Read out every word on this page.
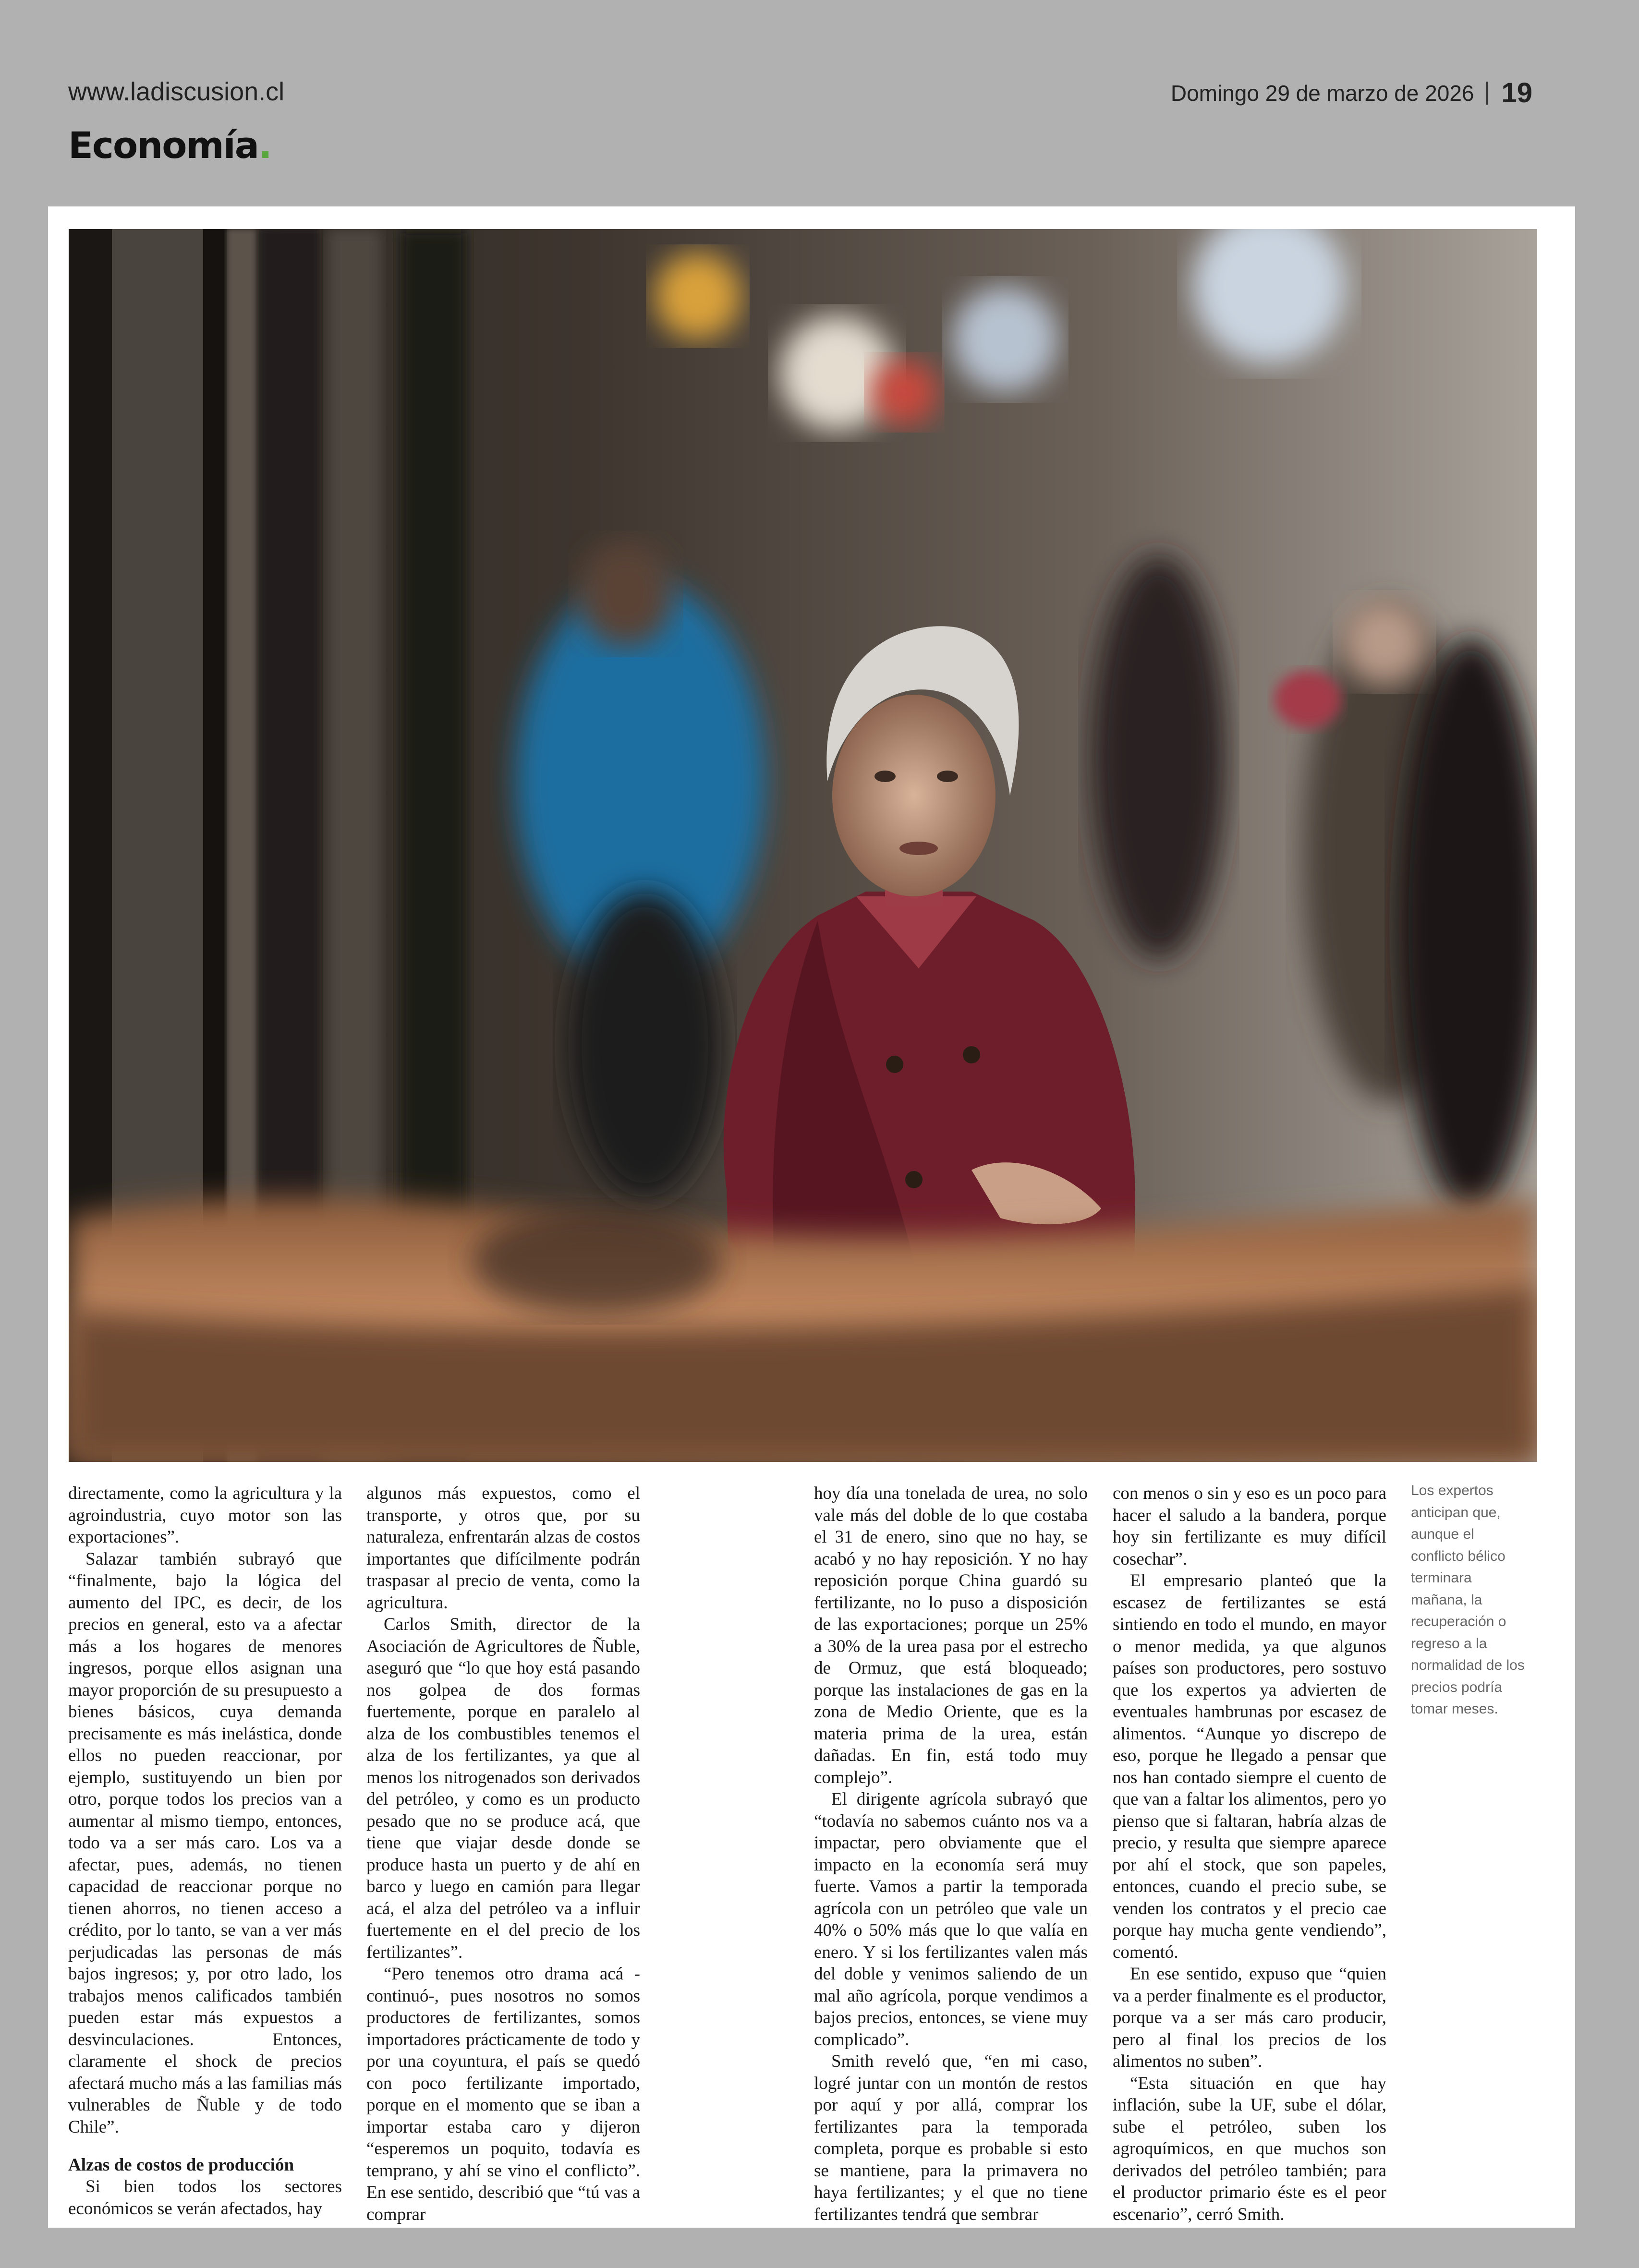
www.ladiscusion.cl	Domingo 29 de marzo de 2026 19
Economía.

directamente, como la agricultura y la agroindustria, cuyo motor son las exportaciones”.

Salazar también subrayó que “finalmente, bajo la lógica del aumento del IPC, es decir, de los precios en general, esto va a afectar más a los hogares de menores ingresos, porque ellos asignan una mayor proporción de su presupuesto a bienes básicos, cuya demanda precisamente es más inelástica, donde ellos no pueden reaccionar, por ejemplo, sustituyendo un bien por otro, porque todos los precios van a aumentar al mismo tiempo, entonces, todo va a ser más caro. Los va a afectar, pues, además, no tienen capacidad de reaccionar porque no tienen ahorros, no tienen acceso a crédito, por lo tanto, se van a ver más perjudicadas las personas de más bajos ingresos; y, por otro lado, los trabajos menos calificados también pueden estar más expuestos a desvinculaciones. Entonces, claramente el shock de precios afectará mucho más a las familias más vulnerables de Ñuble y de todo Chile”.

Alzas de costos de producción

Si bien todos los sectores económicos se verán afectados, hay

algunos más expuestos, como el transporte, y otros que, por su naturaleza, enfrentarán alzas de costos importantes que difícilmente podrán traspasar al precio de venta, como la agricultura.

Carlos Smith, director de la Asociación de Agricultores de Ñuble, aseguró que “lo que hoy está pasando nos golpea de dos formas fuertemente, porque en paralelo al alza de los combustibles tenemos el alza de los fertilizantes, ya que al menos los nitrogenados son derivados del petróleo, y como es un producto pesado que no se produce acá, que tiene que viajar desde donde se produce hasta un puerto y de ahí en barco y luego en camión para llegar acá, el alza del petróleo va a influir fuertemente en el del precio de los fertilizantes”.

“Pero tenemos otro drama acá -continuó-, pues nosotros no somos productores de fertilizantes, somos importadores prácticamente de todo y por una coyuntura, el país se quedó con poco fertilizante importado, porque en el momento que se iban a importar estaba caro y dijeron “esperemos un poquito, todavía es temprano, y ahí se vino el conflicto”. En ese sentido, describió que “tú vas a comprar

hoy día una tonelada de urea, no solo vale más del doble de lo que costaba el 31 de enero, sino que no hay, se acabó y no hay reposición. Y no hay reposición porque China guardó su fertilizante, no lo puso a disposición de las exportaciones; porque un 25% a 30% de la urea pasa por el estrecho de Ormuz, que está bloqueado; porque las instalaciones de gas en la zona de Medio Oriente, que es la materia prima de la urea, están dañadas. En fin, está todo muy complejo”.

El dirigente agrícola subrayó que “todavía no sabemos cuánto nos va a impactar, pero obviamente que el impacto en la economía será muy fuerte. Vamos a partir la temporada agrícola con un petróleo que vale un 40% o 50% más que lo que valía en enero. Y si los fertilizantes valen más del doble y venimos saliendo de un mal año agrícola, porque vendimos a bajos precios, entonces, se viene muy complicado”.

Smith reveló que, “en mi caso, logré juntar con un montón de restos por aquí y por allá, comprar los fertilizantes para la temporada completa, porque es probable si esto se mantiene, para la primavera no haya fertilizantes; y el que no tiene fertilizantes tendrá que sembrar

con menos o sin y eso es un poco para hacer el saludo a la bandera, porque hoy sin fertilizante es muy difícil cosechar”.

El empresario planteó que la escasez de fertilizantes se está sintiendo en todo el mundo, en mayor o menor medida, ya que algunos países son productores, pero sostuvo que los expertos ya advierten de eventuales hambrunas por escasez de alimentos. “Aunque yo discrepo de eso, porque he llegado a pensar que nos han contado siempre el cuento de que van a faltar los alimentos, pero yo pienso que si faltaran, habría alzas de precio, y resulta que siempre aparece por ahí el stock, que son papeles, entonces, cuando el precio sube, se venden los contratos y el precio cae porque hay mucha gente vendiendo”, comentó.

En ese sentido, expuso que “quien va a perder finalmente es el productor, porque va a ser más caro producir, pero al final los precios de los alimentos no suben”.

“Esta situación en que hay inflación, sube la UF, sube el dólar, sube el petróleo, suben los agroquímicos, en que muchos son derivados del petróleo también; para el productor primario éste es el peor escenario”, cerró Smith.

Los expertos anticipan que, aunque el conflicto bélico terminara mañana, la recuperación o regreso a la normalidad de los precios podría tomar meses.
